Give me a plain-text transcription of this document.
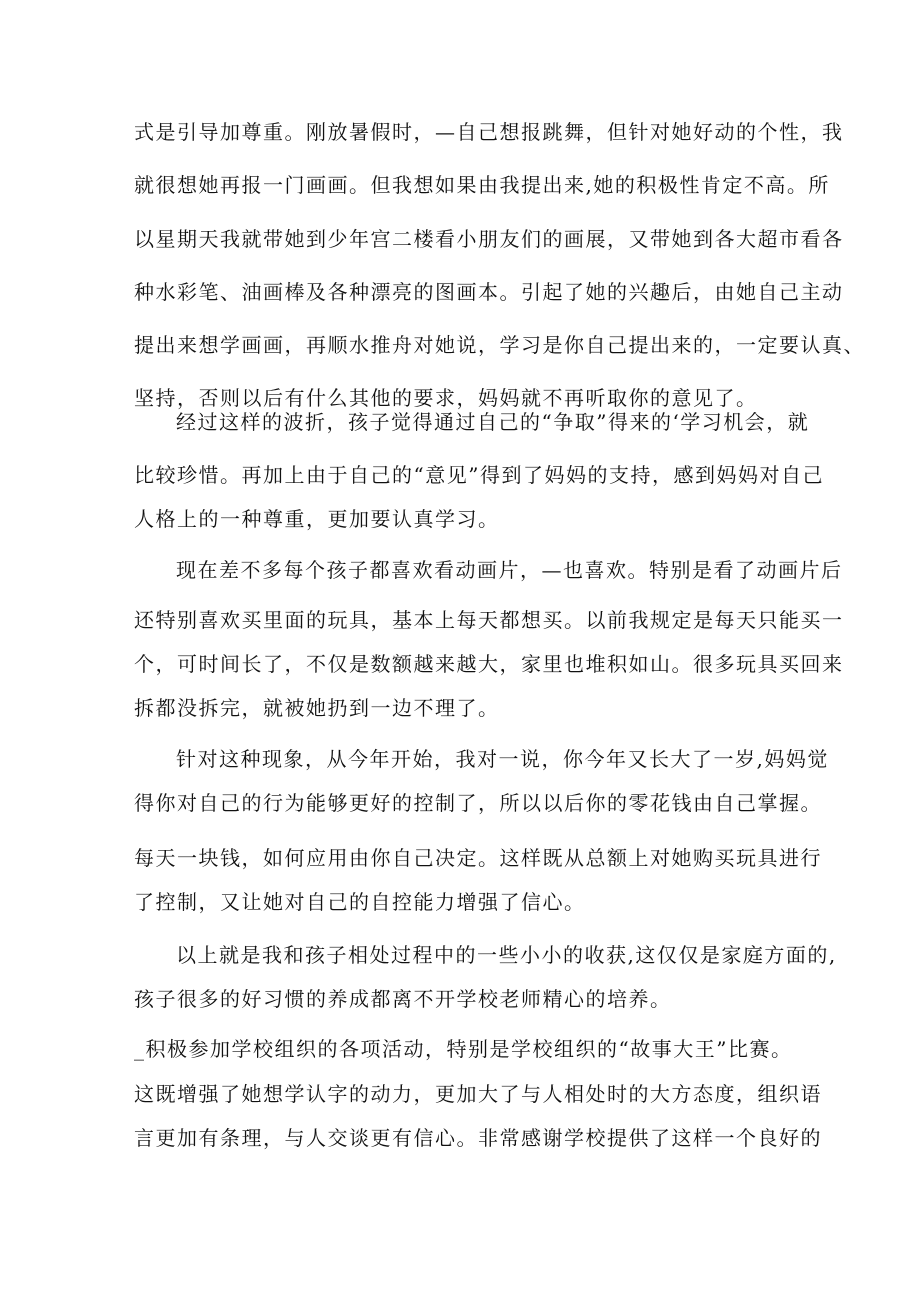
式是引导加尊重。刚放暑假时，—自己想报跳舞，但针对她好动的个性，我
就很想她再报一门画画。但我想如果由我提出来,她的积极性肯定不高。所
以星期天我就带她到少年宫二楼看小朋友们的画展，又带她到各大超市看各
种水彩笔、油画棒及各种漂亮的图画本。引起了她的兴趣后，由她自己主动
提出来想学画画，再顺水推舟对她说，学习是你自己提出来的，一定要认真、
坚持，否则以后有什么其他的要求，妈妈就不再听取你的意见了。
经过这样的波折，孩子觉得通过自己的“争取”得来的‘学习机会，就
比较珍惜。再加上由于自己的“意见”得到了妈妈的支持，感到妈妈对自己
人格上的一种尊重，更加要认真学习。
现在差不多每个孩子都喜欢看动画片，—也喜欢。特别是看了动画片后
还特别喜欢买里面的玩具，基本上每天都想买。以前我规定是每天只能买一
个，可时间长了，不仅是数额越来越大，家里也堆积如山。很多玩具买回来
拆都没拆完，就被她扔到一边不理了。
针对这种现象，从今年开始，我对一说，你今年又长大了一岁,妈妈觉
得你对自己的行为能够更好的控制了，所以以后你的零花钱由自己掌握。
每天一块钱，如何应用由你自己决定。这样既从总额上对她购买玩具进行
了控制，又让她对自己的自控能力增强了信心。
以上就是我和孩子相处过程中的一些小小的收获,这仅仅是家庭方面的,
孩子很多的好习惯的养成都离不开学校老师精心的培养。
_积极参加学校组织的各项活动，特别是学校组织的“故事大王”比赛。
这既增强了她想学认字的动力，更加大了与人相处时的大方态度，组织语
言更加有条理，与人交谈更有信心。非常感谢学校提供了这样一个良好的
